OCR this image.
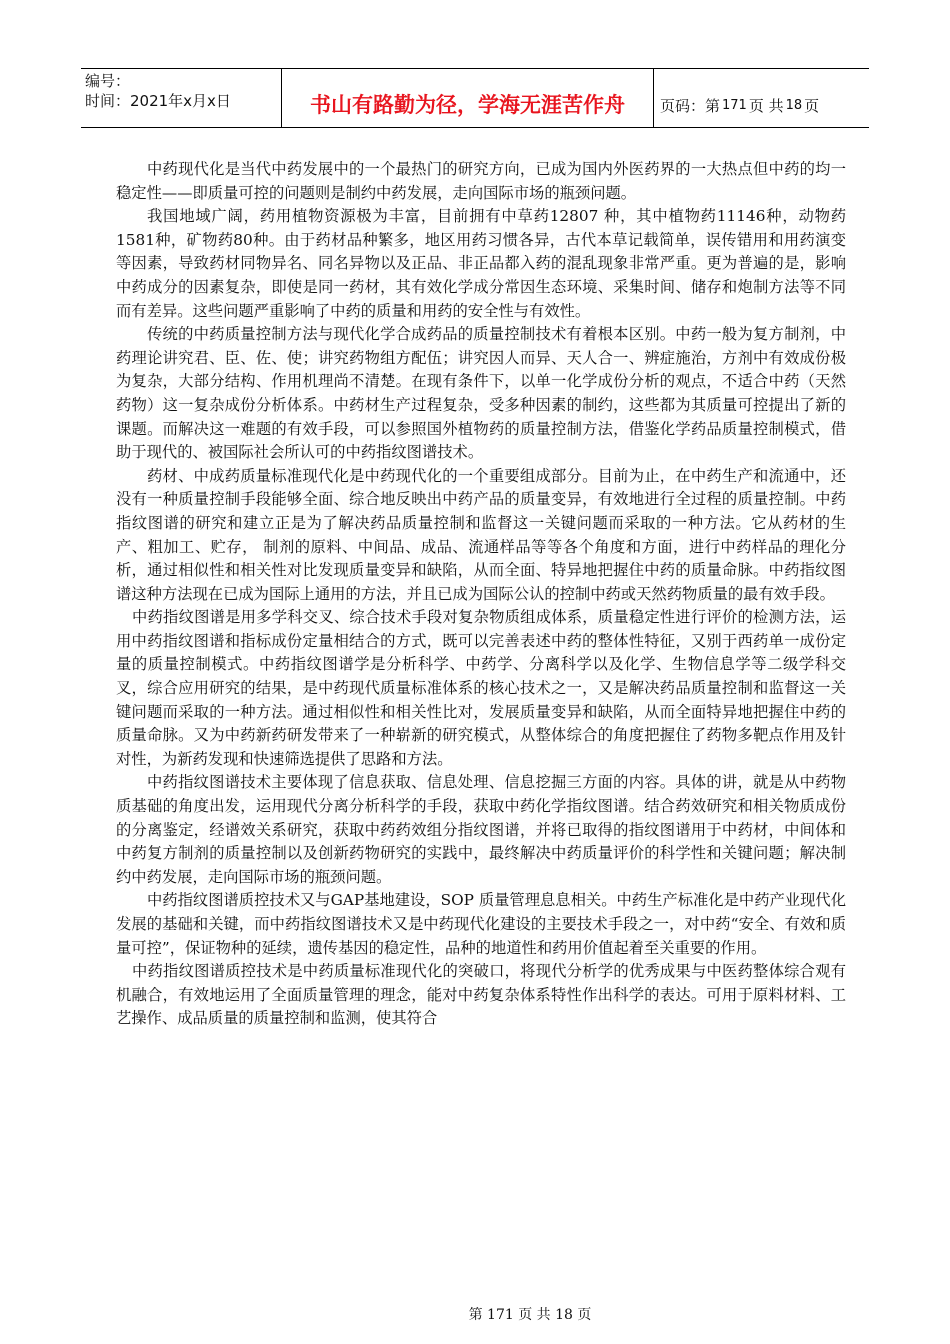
编号：
时间：2021年x月x日	书山有路勤为径，学海无涯苦作舟	页码：第 171 页 共 18 页

中药现代化是当代中药发展中的一个最热门的研究方向，已成为国内外医药界的一大热点但中药的均一稳定性——即质量可控的问题则是制约中药发展，走向国际市场的瓶颈问题。

我国地域广阔，药用植物资源极为丰富，目前拥有中草药12807 种，其中植物药11146种，动物药1581种，矿物药80种。由于药材品种繁多，地区用药习惯各异，古代本草记载简单，误传错用和用药演变等因素，导致药材同物异名、同名异物以及正品、非正品都入药的混乱现象非常严重。更为普遍的是，影响中药成分的因素复杂，即使是同一药材，其有效化学成分常因生态环境、采集时间、储存和炮制方法等不同而有差异。这些问题严重影响了中药的质量和用药的安全性与有效性。

传统的中药质量控制方法与现代化学合成药品的质量控制技术有着根本区别。中药一般为复方制剂，中药理论讲究君、臣、佐、使；讲究药物组方配伍；讲究因人而异、天人合一、辨症施治，方剂中有效成份极为复杂，大部分结构、作用机理尚不清楚。在现有条件下，以单一化学成份分析的观点，不适合中药（天然药物）这一复杂成份分析体系。中药材生产过程复杂，受多种因素的制约，这些都为其质量可控提出了新的课题。而解决这一难题的有效手段，可以参照国外植物药的质量控制方法，借鉴化学药品质量控制模式，借助于现代的、被国际社会所认可的中药指纹图谱技术。

药材、中成药质量标准现代化是中药现代化的一个重要组成部分。目前为止，在中药生产和流通中，还没有一种质量控制手段能够全面、综合地反映出中药产品的质量变异，有效地进行全过程的质量控制。中药指纹图谱的研究和建立正是为了解决药品质量控制和监督这一关键问题而采取的一种方法。它从药材的生产、粗加工、贮存， 制剂的原料、中间品、成品、流通样品等等各个角度和方面，进行中药样品的理化分析，通过相似性和相关性对比发现质量变异和缺陷，从而全面、特异地把握住中药的质量命脉。中药指纹图谱这种方法现在已成为国际上通用的方法，并且已成为国际公认的控制中药或天然药物质量的最有效手段。

中药指纹图谱是用多学科交叉、综合技术手段对复杂物质组成体系，质量稳定性进行评价的检测方法，运用中药指纹图谱和指标成份定量相结合的方式，既可以完善表述中药的整体性特征，又别于西药单一成份定量的质量控制模式。中药指纹图谱学是分析科学、中药学、分离科学以及化学、生物信息学等二级学科交叉，综合应用研究的结果，是中药现代质量标准体系的核心技术之一，又是解决药品质量控制和监督这一关键问题而采取的一种方法。通过相似性和相关性比对，发展质量变异和缺陷，从而全面特异地把握住中药的质量命脉。又为中药新药研发带来了一种崭新的研究模式，从整体综合的角度把握住了药物多靶点作用及针对性，为新药发现和快速筛选提供了思路和方法。

中药指纹图谱技术主要体现了信息获取、信息处理、信息挖掘三方面的内容。具体的讲，就是从中药物质基础的角度出发，运用现代分离分析科学的手段，获取中药化学指纹图谱。结合药效研究和相关物质成份的分离鉴定，经谱效关系研究，获取中药药效组分指纹图谱，并将已取得的指纹图谱用于中药材，中间体和中药复方制剂的质量控制以及创新药物研究的实践中，最终解决中药质量评价的科学性和关键问题；解决制约中药发展，走向国际市场的瓶颈问题。

中药指纹图谱质控技术又与GAP基地建设，SOP 质量管理息息相关。中药生产标准化是中药产业现代化发展的基础和关键，而中药指纹图谱技术又是中药现代化建设的主要技术手段之一，对中药“安全、有效和质量可控”，保证物种的延续，遗传基因的稳定性，品种的地道性和药用价值起着至关重要的作用。

中药指纹图谱质控技术是中药质量标准现代化的突破口，将现代分析学的优秀成果与中医药整体综合观有机融合，有效地运用了全面质量管理的理念，能对中药复杂体系特性作出科学的表达。可用于原料材料、工艺操作、成品质量的质量控制和监测，使其符合

第 171 页 共 18 页
